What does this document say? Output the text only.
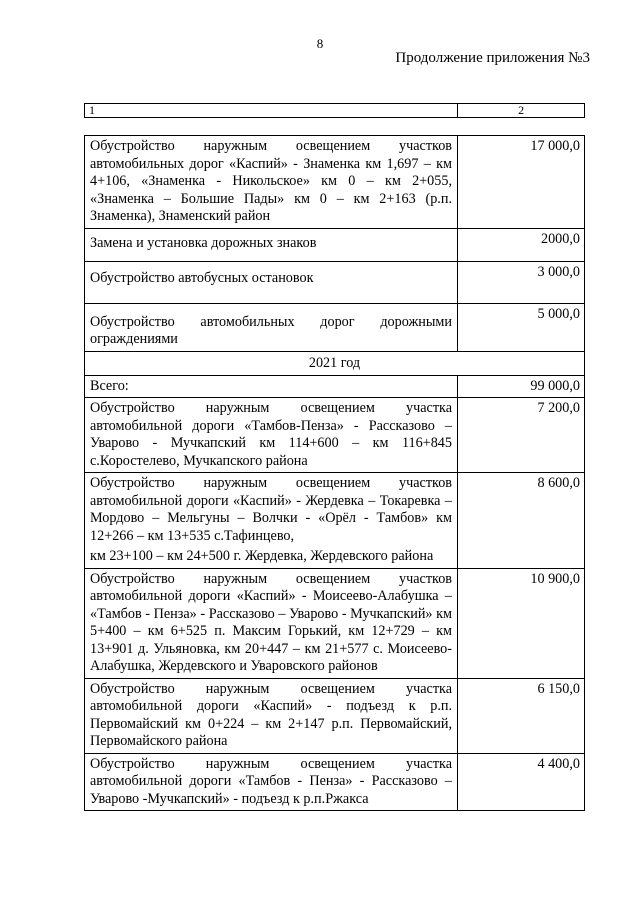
8
Продолжение приложения №3
1	2
Обустройство наружным освещением участков автомобильных дорог «Каспий» - Знаменка км 1,697 – км 4+106, «Знаменка - Никольское» км 0 – км 2+055, «Знаменка – Большие Пады» км 0 – км 2+163 (р.п. Знаменка), Знаменский район	17 000,0
Замена и установка дорожных знаков	2000,0
Обустройство автобусных остановок	3 000,0
Обустройство автомобильных дорог дорожными ограждениями	5 000,0
2021 год	
Всего:	99 000,0
Обустройство наружным освещением участка автомобильной дороги «Тамбов-Пенза» - Рассказово – Уварово - Мучкапский км 114+600 – км 116+845 с.Коростелево, Мучкапского района	7 200,0

Обустройство наружным освещением участков автомобильной дороги «Каспий» - Жердевка – Токаревка –Мордово – Мельгуны – Волчки - «Орёл - Тамбов» км 12+266 – км 13+535 с.Тафинцево,
км 23+100 – км 24+500 г. Жердевка, Жердевского района	8 600,0
Обустройство наружным освещением участков автомобильной дороги «Каспий» - Моисеево-Алабушка – «Тамбов - Пенза» - Рассказово – Уварово - Мучкапский» км 5+400 – км 6+525 п. Максим Горький, км 12+729 – км 13+901 д. Ульяновка, км 20+447 – км 21+577 с. Моисеево-Алабушка, Жердевского и Уваровского районов	10 900,0
Обустройство наружным освещением участка автомобильной дороги «Каспий» - подъезд к р.п. Первомайский км 0+224 – км 2+147 р.п. Первомайский, Первомайского района	6 150,0
Обустройство наружным освещением участка автомобильной дороги «Тамбов - Пенза» - Рассказово – Уварово -Мучкапский» - подъезд к р.п.Ржакса	4 400,0
